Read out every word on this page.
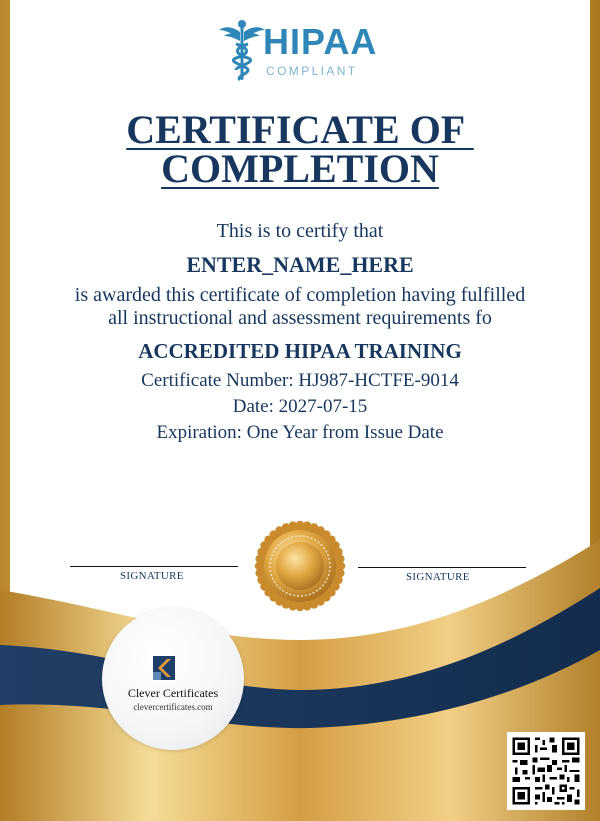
HIPAA
COMPLIANT
CERTIFICATE OF
COMPLETION
This is to certify that
ENTER_NAME_HERE
is awarded this certificate of completion having fulfilled
all instructional and assessment requirements fo
ACCREDITED HIPAA TRAINING
Certificate Number: HJ987-HCTFE-9014
Date: 2027-07-15
Expiration: One Year from Issue Date
SIGNATURE	SIGNATURE
Clever Certificates
clevercertificates.com
